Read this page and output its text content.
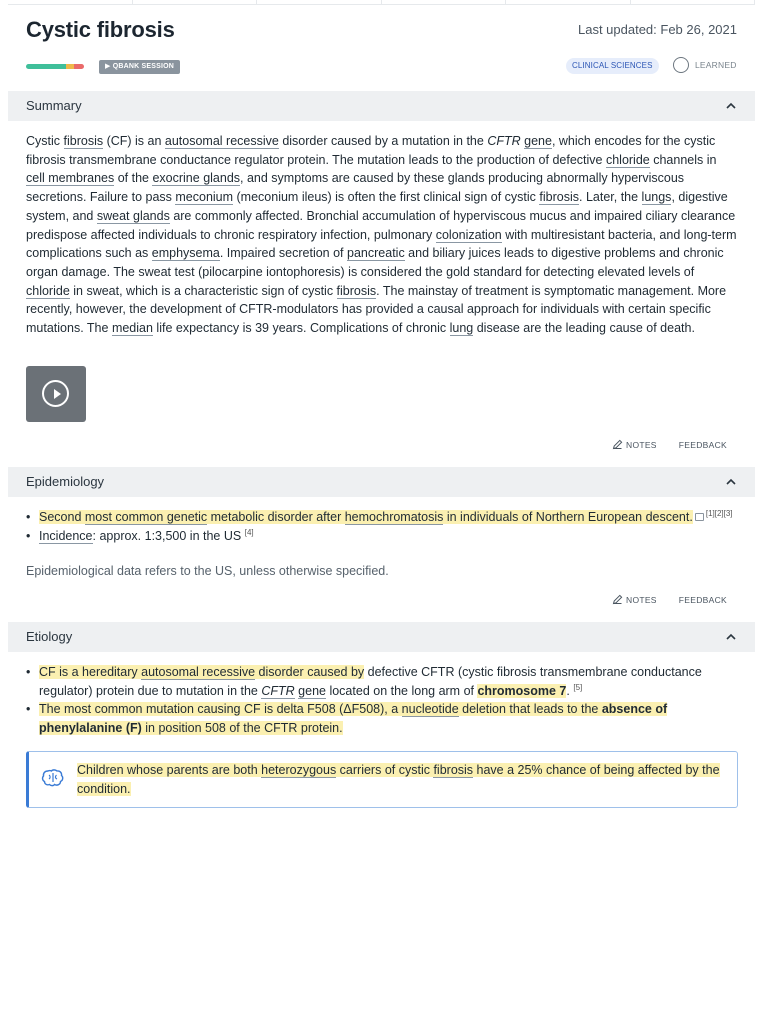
Cystic fibrosis	Last updated: Feb 26, 2021
▶ QBANK SESSION	CLINICAL SCIENCES	LEARNED
Summary

Cystic fibrosis (CF) is an autosomal recessive disorder caused by a mutation in the CFTR gene, which encodes for the cystic fibrosis transmembrane conductance regulator protein. The mutation leads to the production of defective chloride channels in cell membranes of the exocrine glands, and symptoms are caused by these glands producing abnormally hyperviscous secretions. Failure to pass meconium (meconium ileus) is often the first clinical sign of cystic fibrosis. Later, the lungs, digestive system, and sweat glands are commonly affected. Bronchial accumulation of hyperviscous mucus and impaired ciliary clearance predispose affected individuals to chronic respiratory infection, pulmonary colonization with multiresistant bacteria, and long-term complications such as emphysema. Impaired secretion of pancreatic and biliary juices leads to digestive problems and chronic organ damage. The sweat test (pilocarpine iontophoresis) is considered the gold standard for detecting elevated levels of chloride in sweat, which is a characteristic sign of cystic fibrosis. The mainstay of treatment is symptomatic management. More recently, however, the development of CFTR-modulators has provided a causal approach for individuals with certain specific mutations. The median life expectancy is 39 years. Complications of chronic lung disease are the leading cause of death.

NOTES	FEEDBACK
Epidemiology
• Second most common genetic metabolic disorder after hemochromatosis in individuals of Northern European descent. [1][2][3]
• Incidence: approx. 1:3,500 in the US [4]
Epidemiological data refers to the US, unless otherwise specified.
NOTES	FEEDBACK
Etiology
• CF is a hereditary autosomal recessive disorder caused by defective CFTR (cystic fibrosis transmembrane conductance regulator) protein due to mutation in the CFTR gene located on the long arm of chromosome 7. [5]
• The most common mutation causing CF is delta F508 (ΔF508), a nucleotide deletion that leads to the absence of phenylalanine (F) in position 508 of the CFTR protein.
Children whose parents are both heterozygous carriers of cystic fibrosis have a 25% chance of being affected by the condition.
